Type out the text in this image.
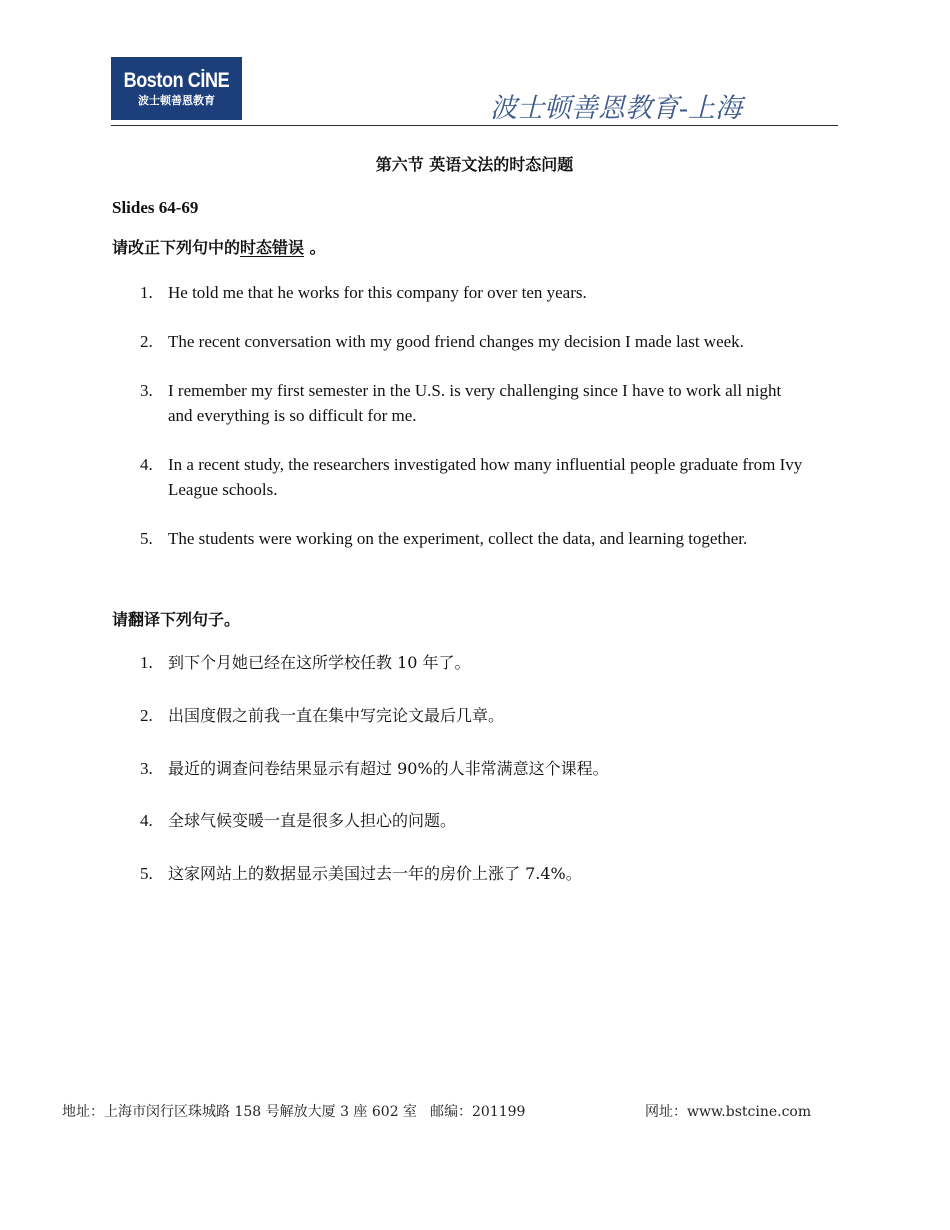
Boston CİNE
波士顿善恩教育	波士顿善恩教育-上海
第六节 英语文法的时态问题
Slides 64-69
请改正下列句中的时态错误 。
1. He told me that he works for this company for over ten years.
2. The recent conversation with my good friend changes my decision I made last week.
3. I remember my first semester in the U.S. is very challenging since I have to work all night and everything is so difficult for me.
4. In a recent study, the researchers investigated how many influential people graduate from Ivy League schools.
5. The students were working on the experiment, collect the data, and learning together.
请翻译下列句子。
1. 到下个月她已经在这所学校任教 10 年了。
2. 出国度假之前我一直在集中写完论文最后几章。
3. 最近的调查问卷结果显示有超过 90%的人非常满意这个课程。
4. 全球气候变暖一直是很多人担心的问题。
5. 这家网站上的数据显示美国过去一年的房价上涨了 7.4%。
地址：上海市闵行区珠城路 158 号解放大厦 3 座 602 室 邮编：201199	网址：www.bstcine.com
